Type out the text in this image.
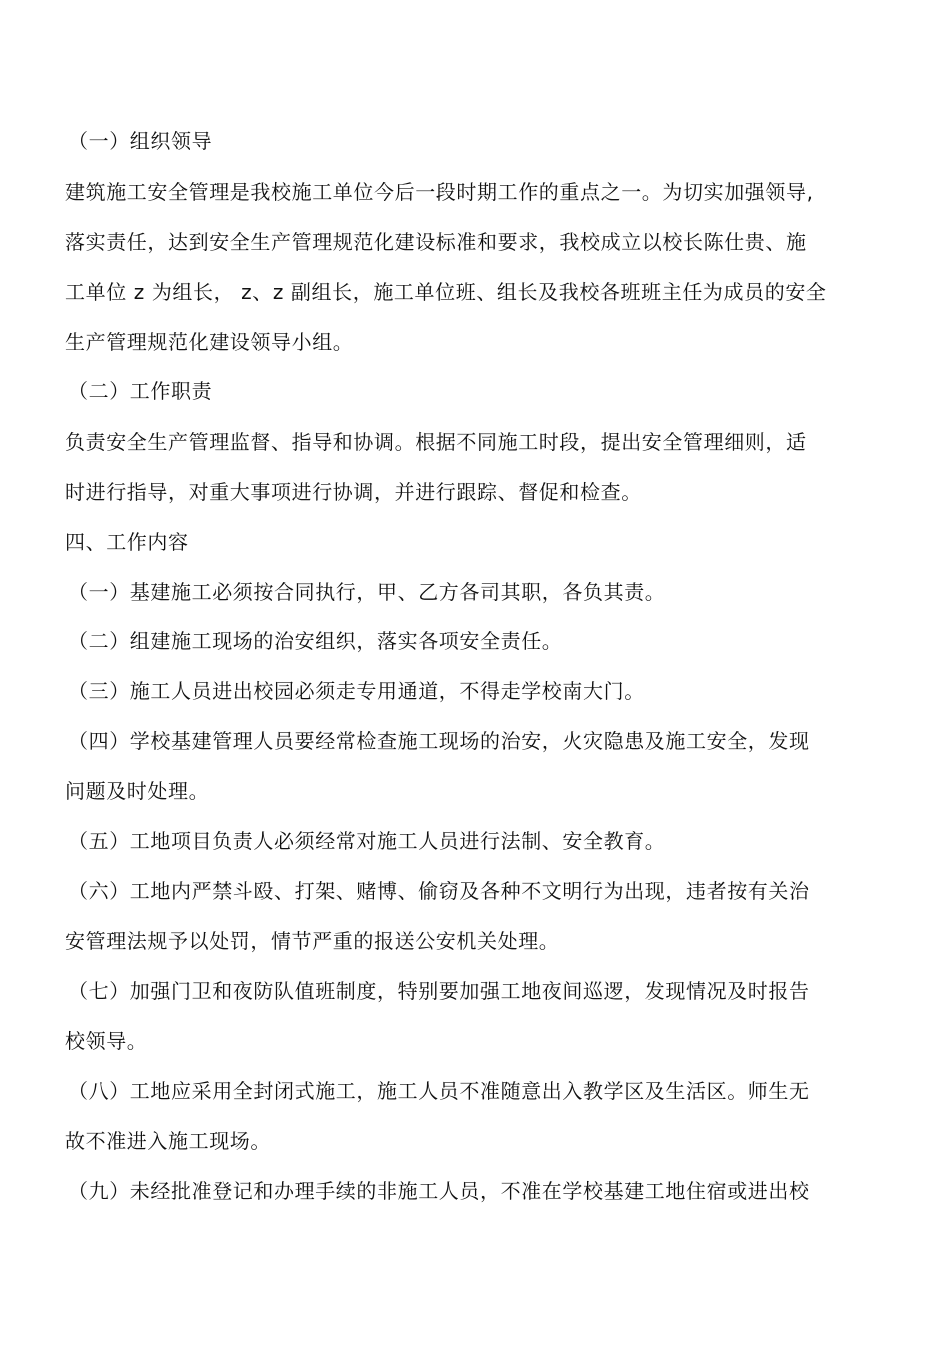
（一）组织领导

建筑施工安全管理是我校施工单位今后一段时期工作的重点之一。为切实加强领导,

落实责任，达到安全生产管理规范化建设标准和要求，我校成立以校长陈仕贵、施

工单位 z 为组长， z、z 副组长，施工单位班、组长及我校各班班主任为成员的安全

生产管理规范化建设领导小组。

（二）工作职责

负责安全生产管理监督、指导和协调。根据不同施工时段，提出安全管理细则，适

时进行指导，对重大事项进行协调，并进行跟踪、督促和检查。

四、工作内容

（一）基建施工必须按合同执行，甲、乙方各司其职，各负其责。

（二）组建施工现场的治安组织，落实各项安全责任。

（三）施工人员进出校园必须走专用通道，不得走学校南大门。

（四）学校基建管理人员要经常检查施工现场的治安，火灾隐患及施工安全，发现

问题及时处理。

（五）工地项目负责人必须经常对施工人员进行法制、安全教育。

（六）工地内严禁斗殴、打架、赌博、偷窃及各种不文明行为出现，违者按有关治

安管理法规予以处罚，情节严重的报送公安机关处理。

（七）加强门卫和夜防队值班制度，特别要加强工地夜间巡逻，发现情况及时报告

校领导。

（八）工地应采用全封闭式施工，施工人员不准随意出入教学区及生活区。师生无

故不准进入施工现场。

（九）未经批准登记和办理手续的非施工人员，不准在学校基建工地住宿或进出校
